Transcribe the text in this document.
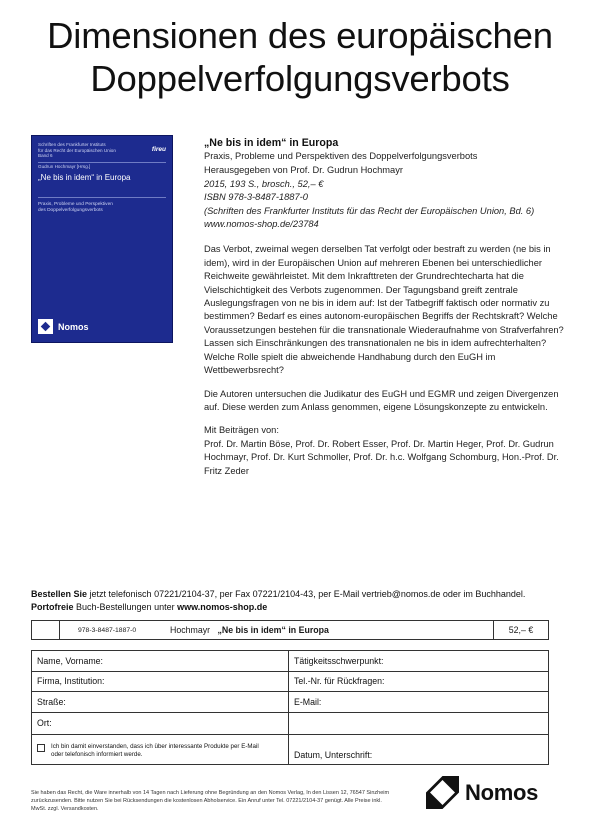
Dimensionen des europäischen
Doppelverfolgungsverbots
Schriften des Frankfurter Instituts
für das Recht der Europäischen Union
Band 6
fireu
Gudrun Hochmayr [Hrsg.]
„Ne bis in idem“ in Europa
Praxis, Probleme und Perspektiven
des Doppelverfolgungsverbots
Nomos
„Ne bis in idem“ in Europa
Praxis, Probleme und Perspektiven des Doppelverfolgungsverbots
Herausgegeben von Prof. Dr. Gudrun Hochmayr
2015, 193 S., brosch., 52,– €
ISBN 978-3-8487-1887-0
(Schriften des Frankfurter Instituts für das Recht der Europäischen Union, Bd. 6)
www.nomos-shop.de/23784

Das Verbot, zweimal wegen derselben Tat verfolgt oder bestraft zu werden (ne bis in idem), wird in der Europäischen Union auf mehreren Ebenen bei unterschiedlicher Reichweite gewährleistet. Mit dem Inkrafttreten der Grundrechtecharta hat die Vielschichtigkeit des Verbots zugenommen. Der Tagungsband greift zentrale Auslegungsfragen von ne bis in idem auf: Ist der Tatbegriff faktisch oder normativ zu bestimmen? Bedarf es eines autonom-europäischen Begriffs der Rechtskraft? Welche Voraussetzungen bestehen für die transnationale Wiederaufnahme von Strafverfahren? Lassen sich Einschränkungen des transnationalen ne bis in idem aufrechterhalten? Welche Rolle spielt die abweichende Handhabung durch den EuGH im Wettbewerbsrecht?

Die Autoren untersuchen die Judikatur des EuGH und EGMR und zeigen Divergenzen auf. Diese werden zum Anlass genommen, eigene Lösungskonzepte zu entwickeln.

Mit Beiträgen von:

Prof. Dr. Martin Böse, Prof. Dr. Robert Esser, Prof. Dr. Martin Heger, Prof. Dr. Gudrun Hochmayr, Prof. Dr. Kurt Schmoller, Prof. Dr. h.c. Wolfgang Schomburg, Hon.-Prof. Dr. Fritz Zeder

Bestellen Sie jetzt telefonisch 07221/2104-37, per Fax 07221/2104-43, per E-Mail vertrieb@nomos.de oder im Buchhandel.
Portofreie Buch-Bestellungen unter www.nomos-shop.de
978-3-8487-1887-0	Hochmayr „Ne bis in idem“ in Europa	52,– €
Name, Vorname:	Tätigkeitsschwerpunkt:
Firma, Institution:	Tel.-Nr. für Rückfragen:
Straße:	E-Mail:
Ort:
Ich bin damit einverstanden, dass ich über interessante Produkte per E-Mail
oder telefonisch informiert werde.	Datum, Unterschrift:
Sie haben das Recht, die Ware innerhalb von 14 Tagen nach Lieferung ohne Begründung an den Nomos Verlag, In den Lissen 12, 76547 Sinzheim
zurückzusenden. Bitte nutzen Sie bei Rücksendungen die kostenlosen Abholservice. Ein Anruf unter Tel. 07221/2104-37 genügt. Alle Preise inkl.
MwSt. zzgl. Versandkosten.
Nomos
